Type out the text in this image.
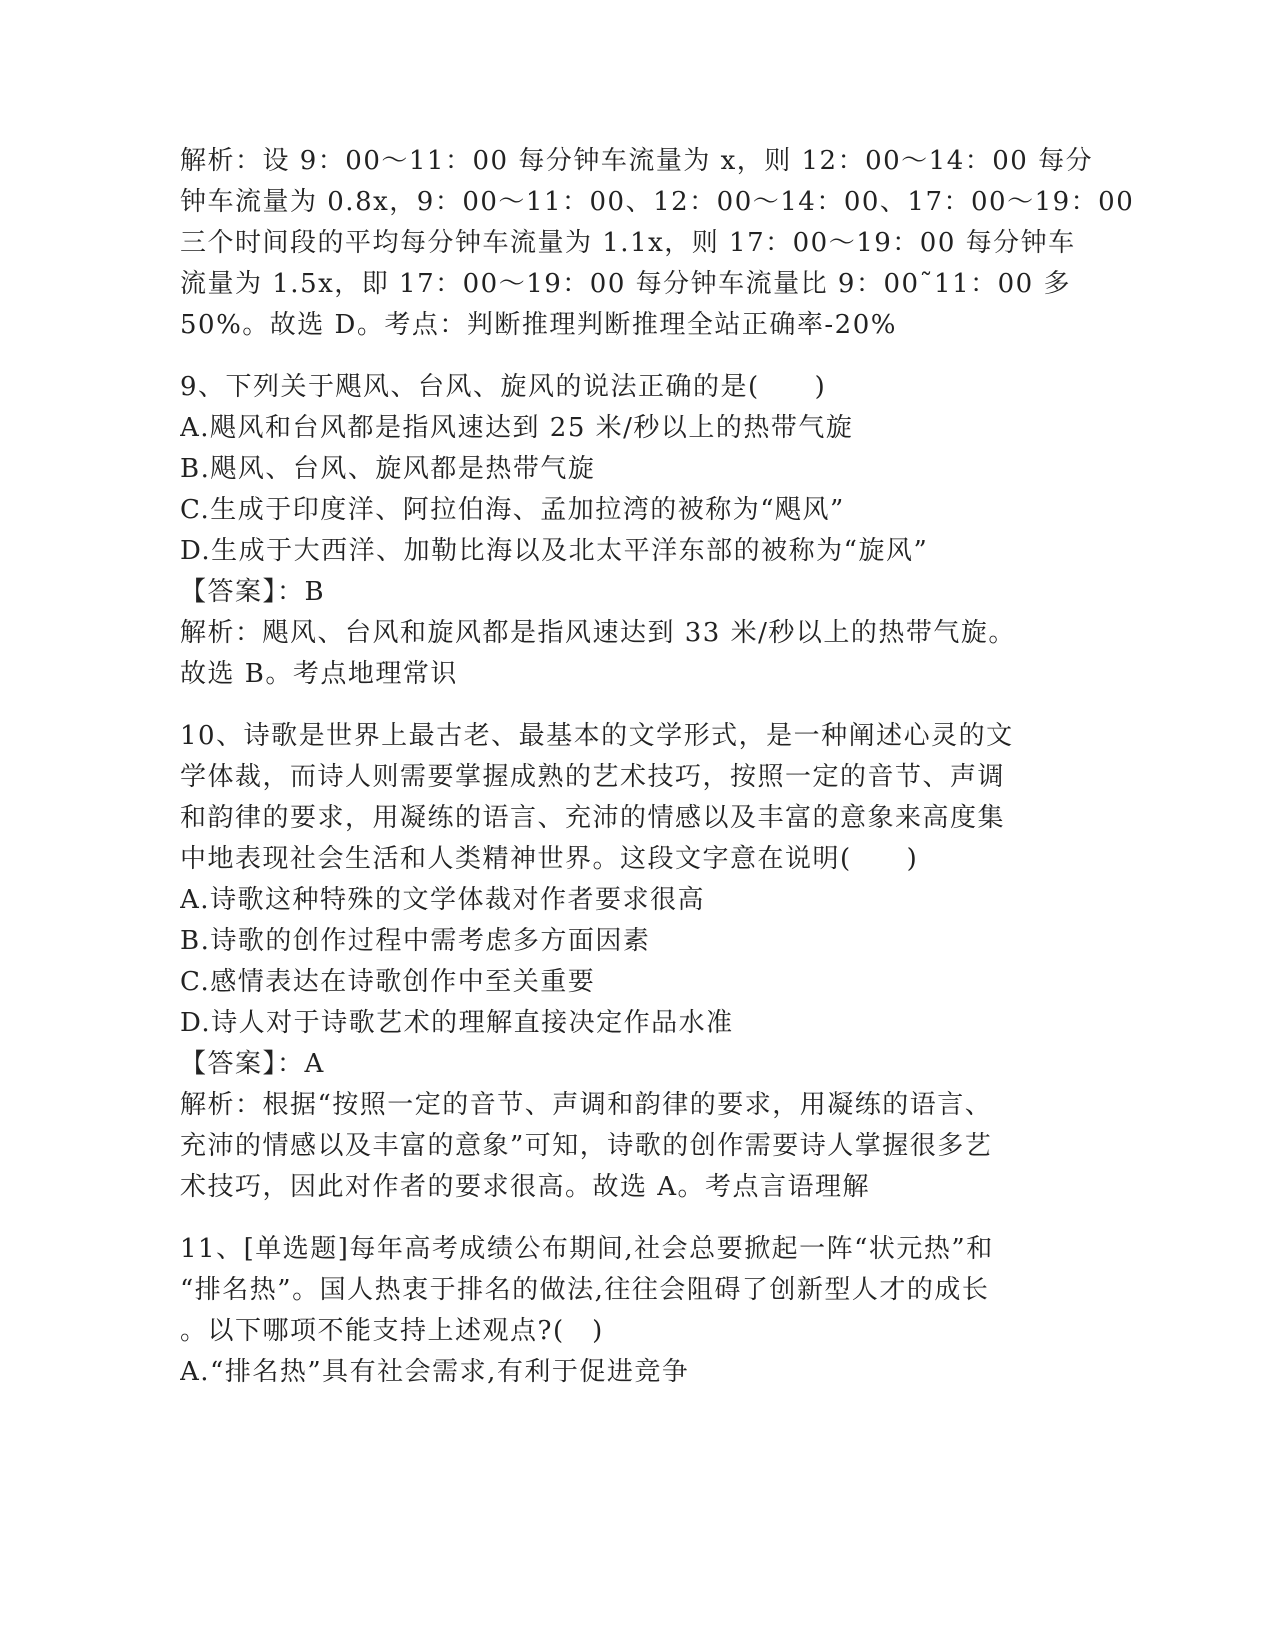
解析：设 9：00～11：00 每分钟车流量为 x，则 12：00～14：00 每分
钟车流量为 0.8x，9：00～11：00、12：00～14：00、17：00～19：00
三个时间段的平均每分钟车流量为 1.1x，则 17：00～19：00 每分钟车
流量为 1.5x，即 17：00～19：00 每分钟车流量比 9：00˜11：00 多
50%。故选 D。考点：判断推理判断推理全站正确率-20%
9、下列关于飓风、台风、旋风的说法正确的是(　　)
A.飓风和台风都是指风速达到 25 米/秒以上的热带气旋
B.飓风、台风、旋风都是热带气旋
C.生成于印度洋、阿拉伯海、孟加拉湾的被称为“飓风”
D.生成于大西洋、加勒比海以及北太平洋东部的被称为“旋风”
【答案】：B
解析：飓风、台风和旋风都是指风速达到 33 米/秒以上的热带气旋。
故选 B。考点地理常识
10、诗歌是世界上最古老、最基本的文学形式，是一种阐述心灵的文
学体裁，而诗人则需要掌握成熟的艺术技巧，按照一定的音节、声调
和韵律的要求，用凝练的语言、充沛的情感以及丰富的意象来高度集
中地表现社会生活和人类精神世界。这段文字意在说明(　　)
A.诗歌这种特殊的文学体裁对作者要求很高
B.诗歌的创作过程中需考虑多方面因素
C.感情表达在诗歌创作中至关重要
D.诗人对于诗歌艺术的理解直接决定作品水准
【答案】：A
解析：根据“按照一定的音节、声调和韵律的要求，用凝练的语言、
充沛的情感以及丰富的意象”可知，诗歌的创作需要诗人掌握很多艺
术技巧，因此对作者的要求很高。故选 A。考点言语理解
11、[单选题]每年高考成绩公布期间,社会总要掀起一阵“状元热”和
“排名热”。国人热衷于排名的做法,往往会阻碍了创新型人才的成长
。以下哪项不能支持上述观点?(　)
A.“排名热”具有社会需求,有利于促进竞争
